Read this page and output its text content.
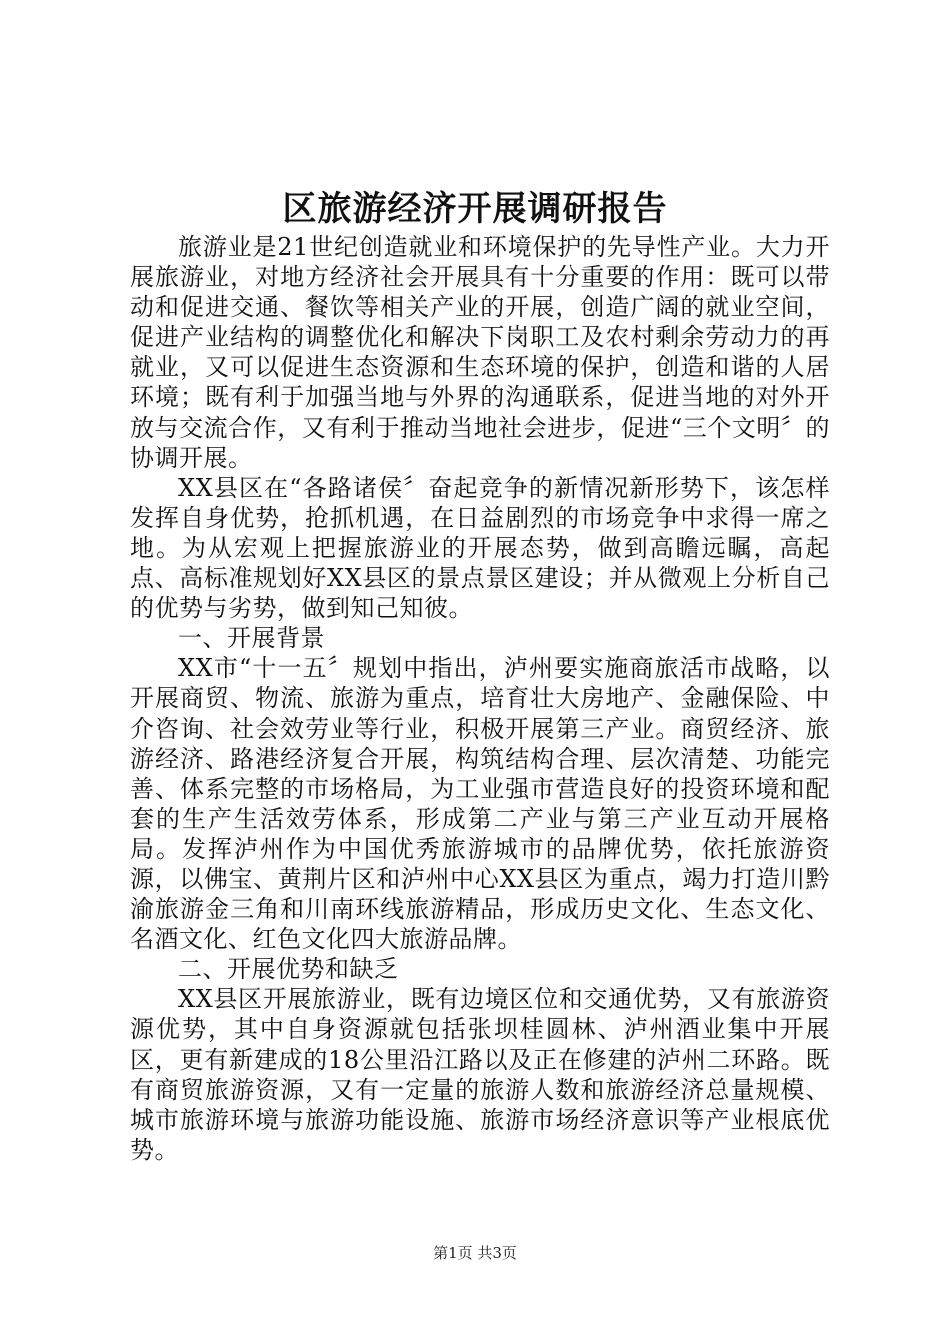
区旅游经济开展调研报告

旅游业是21世纪创造就业和环境保护的先导性产业。大力开展旅游业，对地方经济社会开展具有十分重要的作用：既可以带动和促进交通、餐饮等相关产业的开展，创造广阔的就业空间，促进产业结构的调整优化和解决下岗职工及农村剩余劳动力的再就业，又可以促进生态资源和生态环境的保护，创造和谐的人居环境；既有利于加强当地与外界的沟通联系，促进当地的对外开放与交流合作，又有利于推动当地社会进步，促进“三个文明〞的协调开展。

XX县区在“各路诸侯〞奋起竞争的新情况新形势下，该怎样发挥自身优势，抢抓机遇，在日益剧烈的市场竞争中求得一席之地。为从宏观上把握旅游业的开展态势，做到高瞻远瞩，高起点、高标准规划好XX县区的景点景区建设；并从微观上分析自己的优势与劣势，做到知己知彼。

一、开展背景

XX市“十一五〞规划中指出，泸州要实施商旅活市战略，以开展商贸、物流、旅游为重点，培育壮大房地产、金融保险、中介咨询、社会效劳业等行业，积极开展第三产业。商贸经济、旅游经济、路港经济复合开展，构筑结构合理、层次清楚、功能完善、体系完整的市场格局，为工业强市营造良好的投资环境和配套的生产生活效劳体系，形成第二产业与第三产业互动开展格局。发挥泸州作为中国优秀旅游城市的品牌优势，依托旅游资源，以佛宝、黄荆片区和泸州中心XX县区为重点，竭力打造川黔渝旅游金三角和川南环线旅游精品，形成历史文化、生态文化、名酒文化、红色文化四大旅游品牌。

二、开展优势和缺乏

XX县区开展旅游业，既有边境区位和交通优势，又有旅游资源优势，其中自身资源就包括张坝桂圆林、泸州酒业集中开展区，更有新建成的18公里沿江路以及正在修建的泸州二环路。既有商贸旅游资源，又有一定量的旅游人数和旅游经济总量规模、城市旅游环境与旅游功能设施、旅游市场经济意识等产业根底优势。

第1页 共3页
